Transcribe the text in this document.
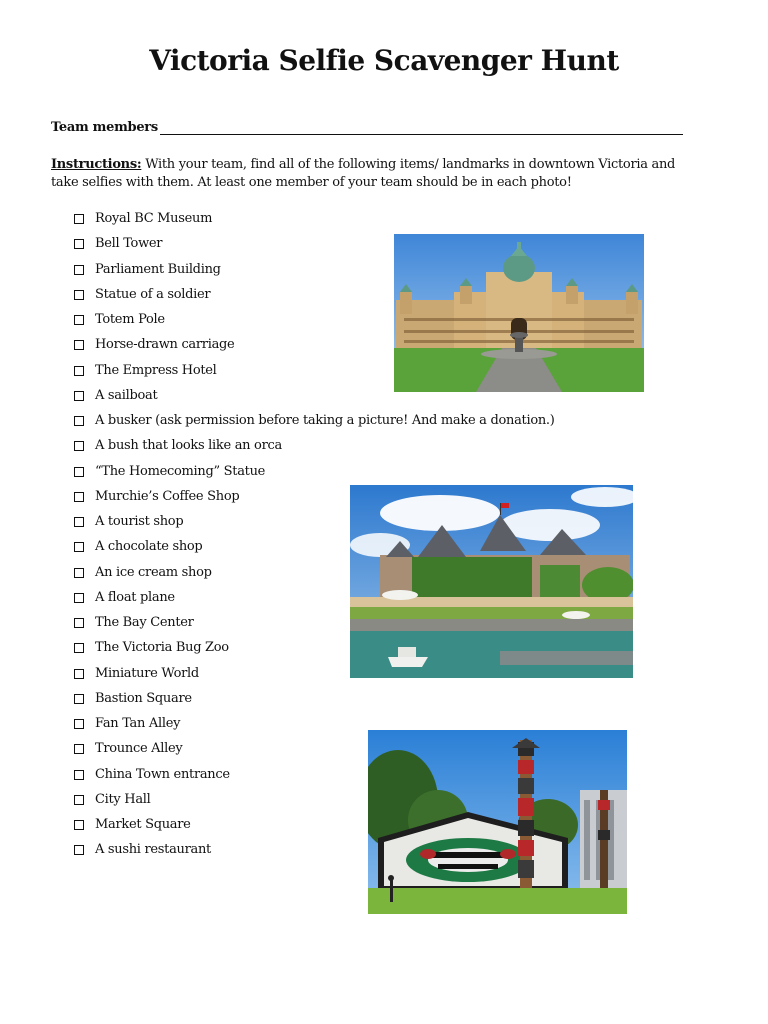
Victoria Selfie Scavenger Hunt
Team members
Instructions: With your team, find all of the following items/ landmarks in downtown Victoria and take selfies with them. At least one member of your team should be in each photo!
Royal BC Museum
Bell Tower
Parliament Building
Statue of a soldier
Totem Pole
Horse-drawn carriage
The Empress Hotel
A sailboat
A busker (ask permission before taking a picture! And make a donation.)
A bush that looks like an orca
“The Homecoming” Statue
Murchie’s Coffee Shop
A tourist shop
A chocolate shop
An ice cream shop
A float plane
The Bay Center
The Victoria Bug Zoo
Miniature World
Bastion Square
Fan Tan Alley
Trounce Alley
China Town entrance
City Hall
Market Square
A sushi restaurant
